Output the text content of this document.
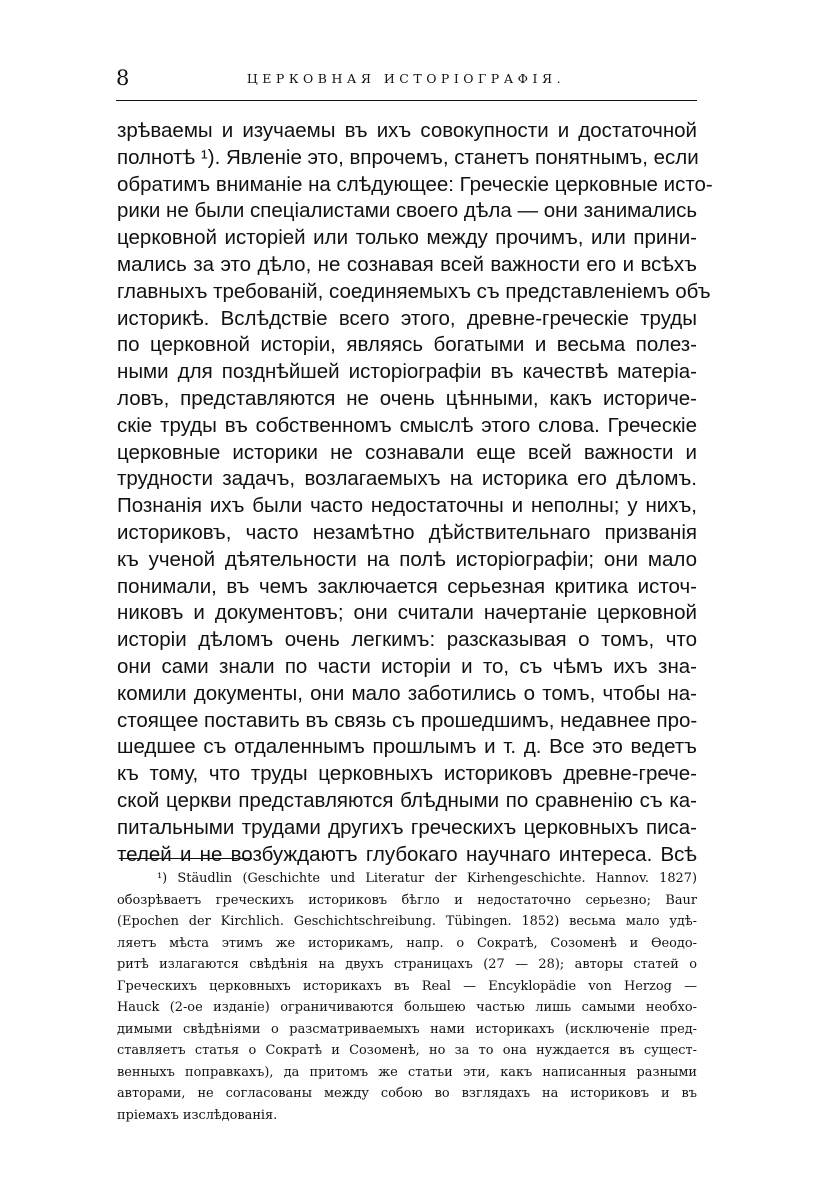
8	ЦЕРКОВНАЯ ИСТОРІОГРАФІЯ.
зрѣваемы и изучаемы въ ихъ совокупности и достаточной
полнотѣ ¹). Явленіе это, впрочемъ, станетъ понятнымъ, если
обратимъ вниманіе на слѣдующее: Греческіе церковные исто-
рики не были спеціалистами своего дѣла — они занимались
церковной исторіей или только между прочимъ, или прини-
мались за это дѣло, не сознавая всей важности его и всѣхъ
главныхъ требованій, соединяемыхъ съ представленіемъ объ
историкѣ. Вслѣдствіе всего этого, древне-греческіе труды
по церковной исторіи, являясь богатыми и весьма полез-
ными для позднѣйшей исторіографіи въ качествѣ матеріа-
ловъ, представляются не очень цѣнными, какъ историче-
скіе труды въ собственномъ смыслѣ этого слова. Греческіе
церковные историки не сознавали еще всей важности и
трудности задачъ, возлагаемыхъ на историка его дѣломъ.
Познанія ихъ были часто недостаточны и неполны; у нихъ,
историковъ, часто незамѣтно дѣйствительнаго призванія
къ ученой дѣятельности на полѣ исторіографіи; они мало
понимали, въ чемъ заключается серьезная критика источ-
никовъ и документовъ; они считали начертаніе церковной
исторіи дѣломъ очень легкимъ: разсказывая о томъ, что
они сами знали по части исторіи и то, съ чѣмъ ихъ зна-
комили документы, они мало заботились о томъ, чтобы на-
стоящее поставить въ связь съ прошедшимъ, недавнее про-
шедшее съ отдаленнымъ прошлымъ и т. д. Все это ведетъ
къ тому, что труды церковныхъ историковъ древне-грече-
ской церкви представляются блѣдными по сравненію съ ка-
питальными трудами другихъ греческихъ церковныхъ писа-
телей и не возбуждаютъ глубокаго научнаго интереса. Всѣ
¹) Stäudlin (Geschichte und Literatur der Kirhengeschichte. Hannov. 1827)
обозрѣваетъ греческихъ историковъ бѣгло и недостаточно серьезно; Baur
(Epochen der Kirchlich. Geschichtschreibung. Tübingen. 1852) весьма мало удѣ-
ляетъ мѣста этимъ же историкамъ, напр. о Сократѣ, Созоменѣ и Ѳеодо-
ритѣ излагаются свѣдѣнія на двухъ страницахъ (27 — 28); авторы статей о
Греческихъ церковныхъ историкахъ въ Real — Encyklopädie von Herzog —
Hauck (2-ое изданіе) ограничиваются большею частью лишь самыми необхо-
димыми свѣдѣніями о разсматриваемыхъ нами историкахъ (исключеніе пред-
ставляетъ статья о Сократѣ и Созоменѣ, но за то она нуждается въ сущест-
венныхъ поправкахъ), да притомъ же статьи эти, какъ написанныя разными
авторами, не согласованы между собою во взглядахъ на историковъ и въ
пріемахъ изслѣдованія.
